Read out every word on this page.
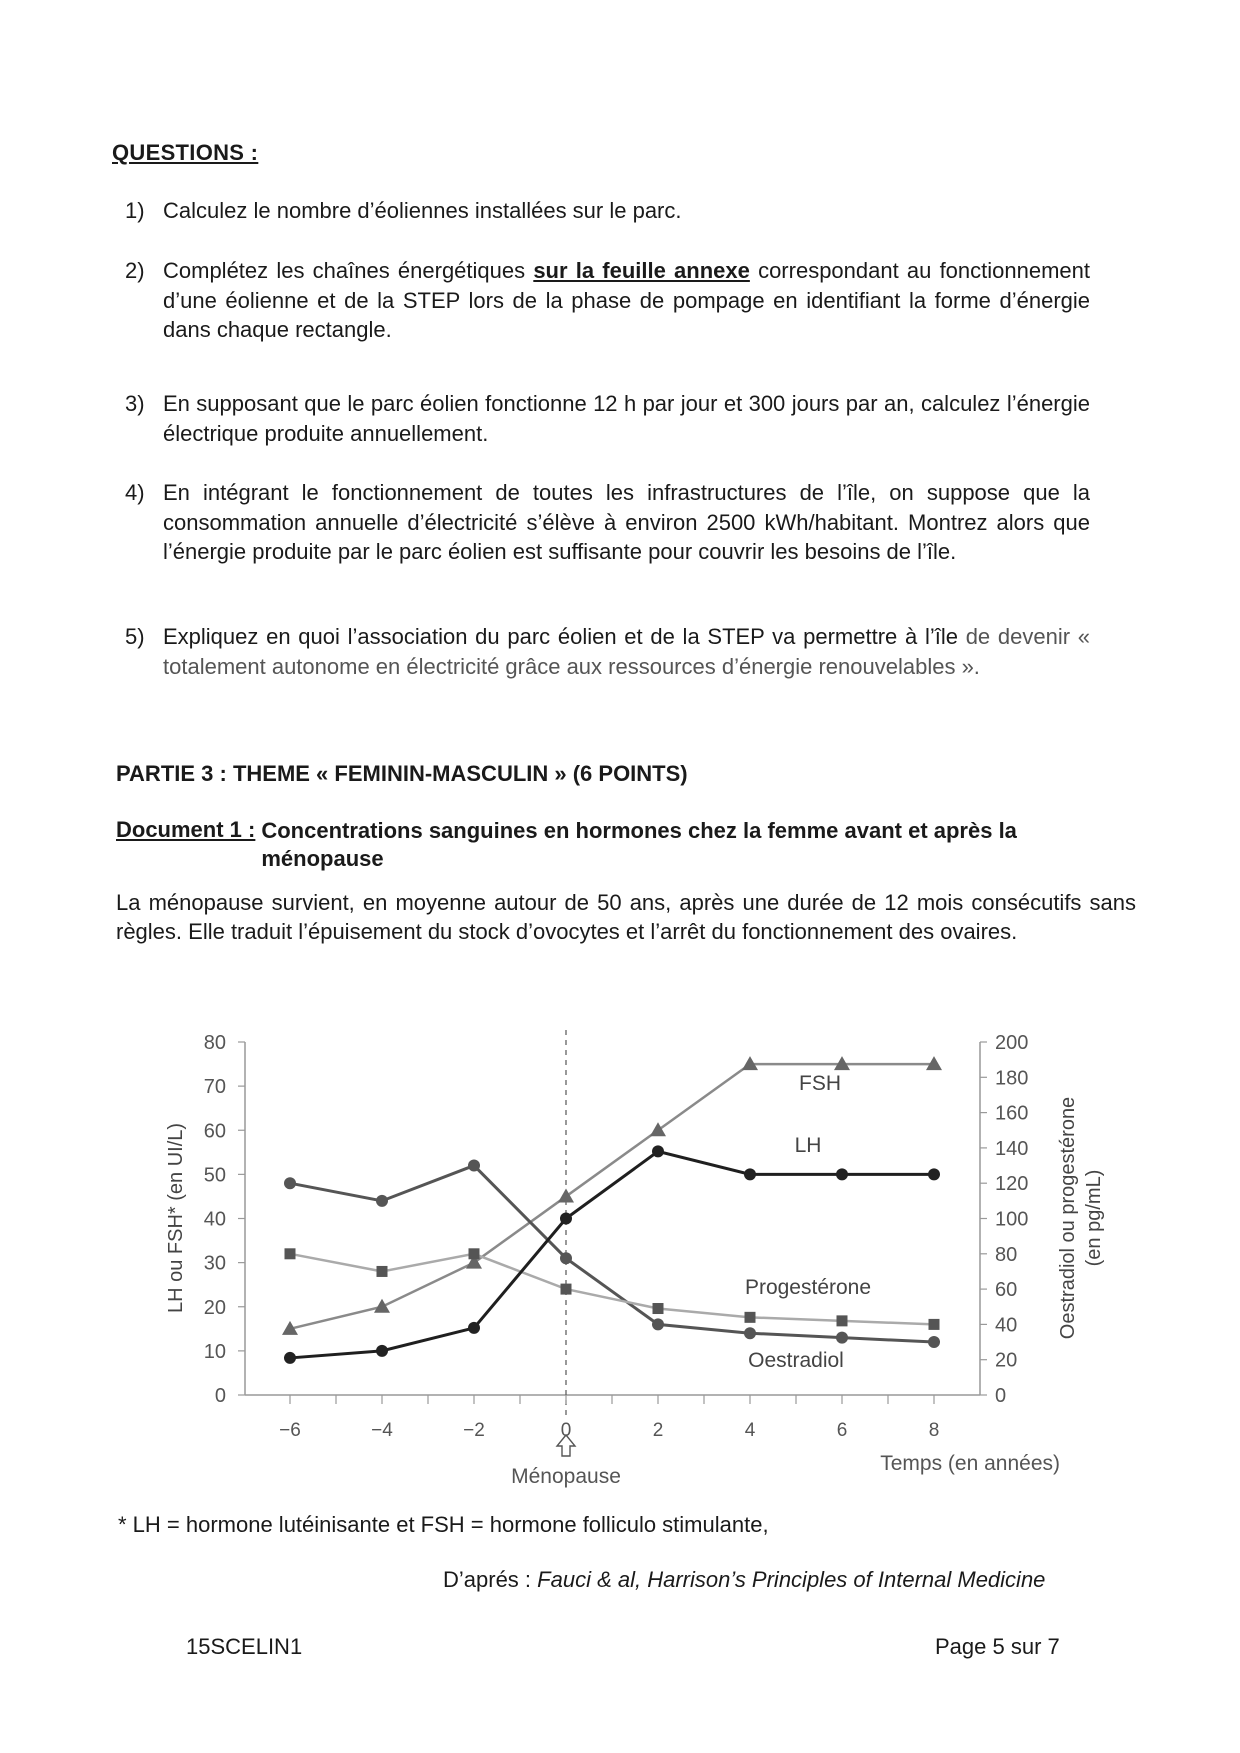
QUESTIONS :
1) Calculez le nombre d’éoliennes installées sur le parc.
2) Complétez les chaînes énergétiques sur la feuille annexe correspondant au fonctionnement d’une éolienne et de la STEP lors de la phase de pompage en identifiant la forme d’énergie dans chaque rectangle.
3) En supposant que le parc éolien fonctionne 12 h par jour et 300 jours par an, calculez l’énergie électrique produite annuellement.
4) En intégrant le fonctionnement de toutes les infrastructures de l’île, on suppose que la consommation annuelle d’électricité s’élève à environ 2500 kWh/habitant. Montrez alors que l’énergie produite par le parc éolien est suffisante pour couvrir les besoins de l’île.
5) Expliquez en quoi l’association du parc éolien et de la STEP va permettre à l’île de devenir « totalement autonome en électricité grâce aux ressources d’énergie renouvelables ».
PARTIE 3 : THEME « FEMININ-MASCULIN » (6 POINTS)
Document 1 : Concentrations sanguines en hormones chez la femme avant et après la ménopause
La ménopause survient, en moyenne autour de 50 ans, après une durée de 12 mois consécutifs sans règles. Elle traduit l’épuisement du stock d’ovocytes et l’arrêt du fonctionnement des ovaires.
LH ou FSH* (en UI/L)	Oestradiol ou progestérone (en pg/mL)
Temps (en années)
Ménopause
0
10
20
30
40
50
60
70
80
0
20
40
60
80
100
120
140
160
180
200
−6	−4	−2	0	2	4	6	8
FSH
LH
Progestérone
Oestradiol
* LH = hormone lutéinisante et FSH = hormone folliculo stimulante,
D’aprés : Fauci & al, Harrison’s Principles of Internal Medicine
15SCELIN1	Page 5 sur 7
